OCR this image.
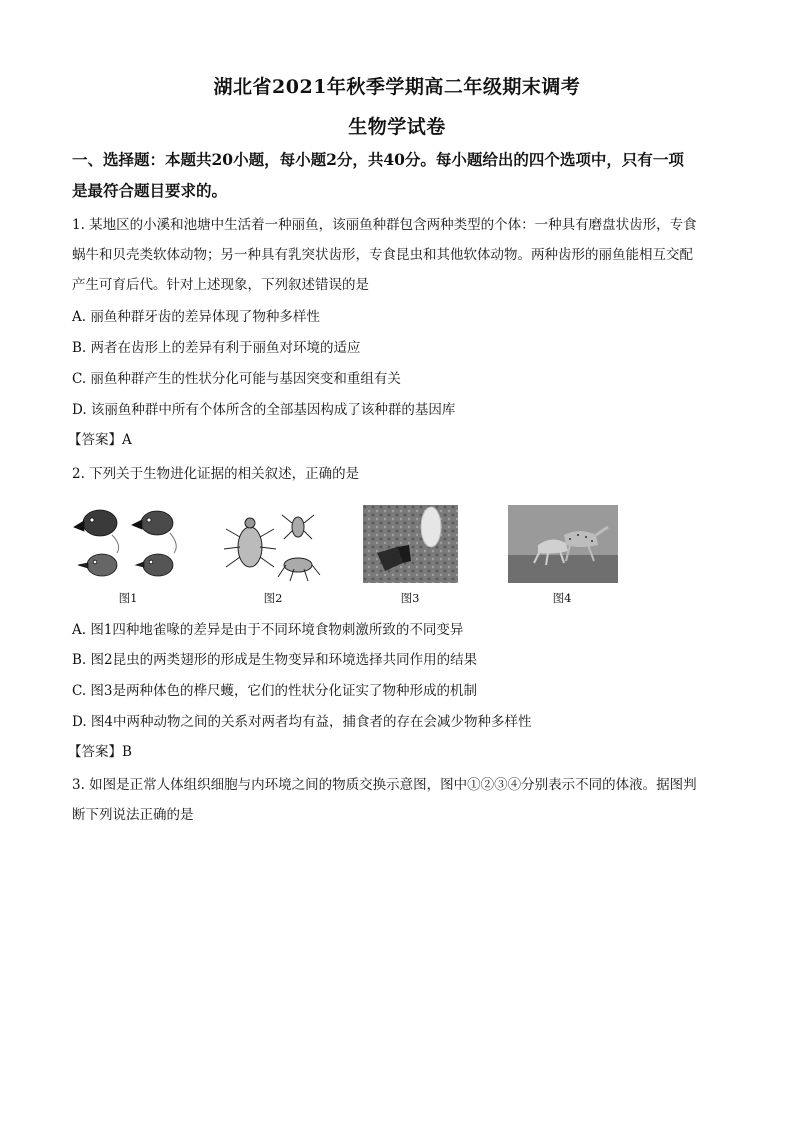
湖北省2021年秋季学期高二年级期末调考
生物学试卷
一、选择题：本题共20小题，每小题2分，共40分。每小题给出的四个选项中，只有一项
是最符合题目要求的。
1. 某地区的小溪和池塘中生活着一种丽鱼，该丽鱼种群包含两种类型的个体：一种具有磨盘状齿形，专食
蜗牛和贝壳类软体动物；另一种具有乳突状齿形，专食昆虫和其他软体动物。两种齿形的丽鱼能相互交配
产生可育后代。针对上述现象，下列叙述错误的是
A. 丽鱼种群牙齿的差异体现了物种多样性
B. 两者在齿形上的差异有利于丽鱼对环境的适应
C. 丽鱼种群产生的性状分化可能与基因突变和重组有关
D. 该丽鱼种群中所有个体所含的全部基因构成了该种群的基因库
【答案】A
2. 下列关于生物进化证据的相关叙述，正确的是
图1	图2	图3	图4
A. 图1四种地雀喙的差异是由于不同环境食物刺激所致的不同变异
B. 图2昆虫的两类翅形的形成是生物变异和环境选择共同作用的结果
C. 图3是两种体色的桦尺蠖，它们的性状分化证实了物种形成的机制
D. 图4中两种动物之间的关系对两者均有益，捕食者的存在会减少物种多样性
【答案】B
3. 如图是正常人体组织细胞与内环境之间的物质交换示意图，图中①②③④分别表示不同的体液。据图判
断下列说法正确的是
